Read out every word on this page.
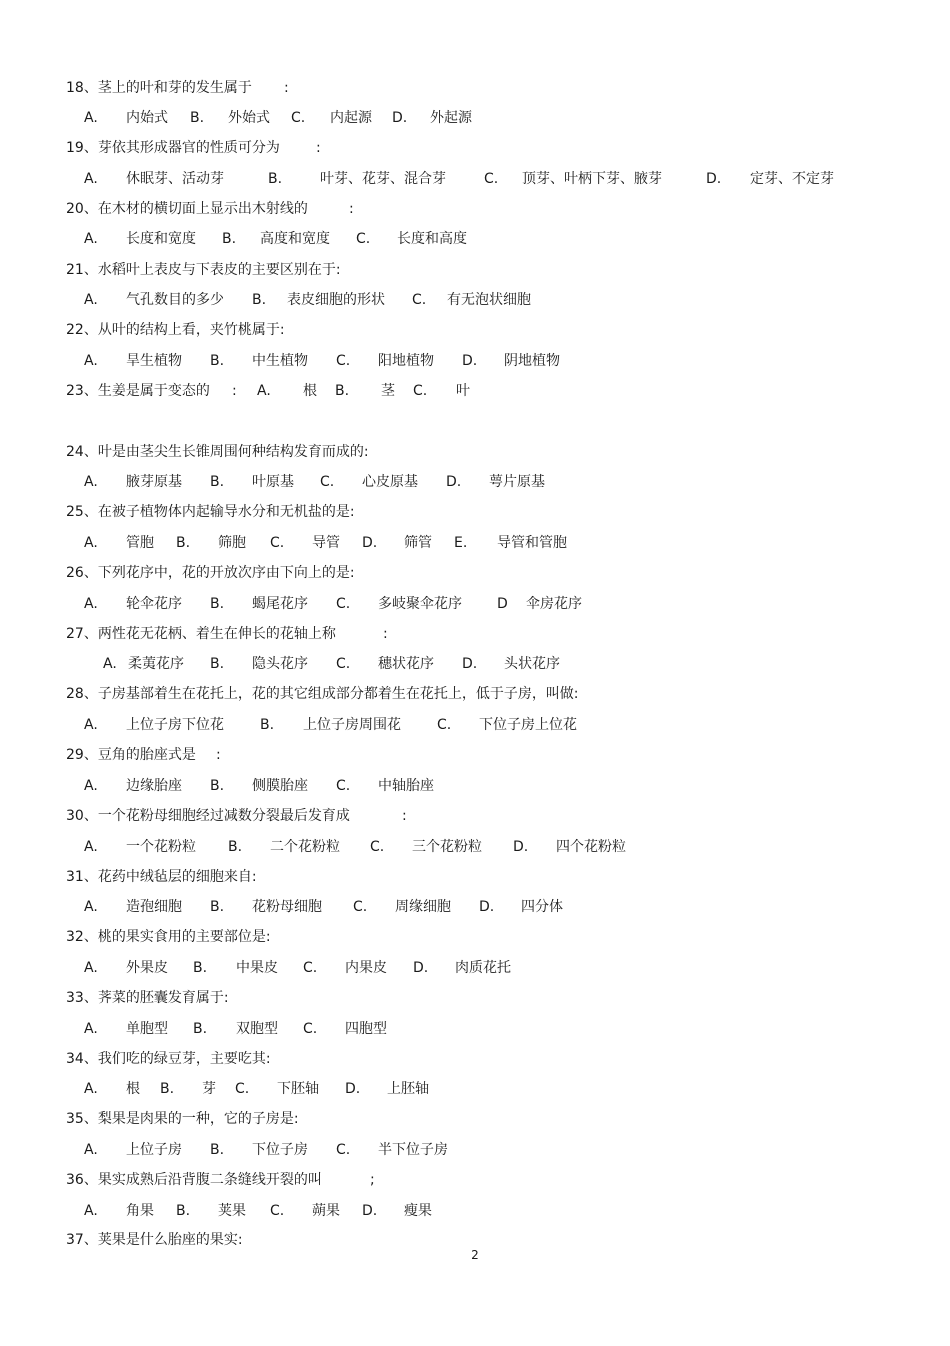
18、茎上的叶和芽的发生属于 :
A. 内始式 B. 外始式 C. 内起源 D. 外起源
19、芽依其形成器官的性质可分为	:
A. 休眠芽、活动芽	B.	叶芽、花芽、混合芽	C. 顶芽、叶柄下芽、腋芽	D. 定芽、不定芽
20、在木材的横切面上显示出木射线的	:
A. 长度和宽度 B. 高度和宽度 C. 长度和高度
21、水稻叶上表皮与下表皮的主要区别在于:
A. 气孔数目的多少 B. 表皮细胞的形状 C. 有无泡状细胞
22、从叶的结构上看，夹竹桃属于:
A. 旱生植物 B. 中生植物 C. 阳地植物 D. 阴地植物
23、生姜是属于变态的 : A. 根 B. 茎 C. 叶
24、叶是由茎尖生长锥周围何种结构发育而成的:
A. 腋芽原基 B. 叶原基 C. 心皮原基 D. 萼片原基
25、在被子植物体内起输导水分和无机盐的是:
A. 管胞 B. 筛胞 C. 导管 D. 筛管 E. 导管和管胞
26、下列花序中，花的开放次序由下向上的是:
A. 轮伞花序 B. 蝎尾花序 C. 多岐聚伞花序	D 伞房花序
27、两性花无花柄、着生在伸长的花轴上称	:
A. 柔荑花序 B. 隐头花序 C. 穗状花序 D. 头状花序
28、子房基部着生在花托上，花的其它组成部分都着生在花托上，低于子房，叫做:
A. 上位子房下位花	B. 上位子房周围花	C. 下位子房上位花
29、豆角的胎座式是 :
A. 边缘胎座 B. 侧膜胎座 C. 中轴胎座
30、一个花粉母细胞经过减数分裂最后发育成	:
A. 一个花粉粒 B. 二个花粉粒 C. 三个花粉粒 D. 四个花粉粒
31、花药中绒毡层的细胞来自:
A. 造孢细胞 B. 花粉母细胞 C. 周缘细胞 D. 四分体
32、桃的果实食用的主要部位是:
A. 外果皮 B. 中果皮 C. 内果皮 D. 肉质花托
33、荠菜的胚囊发育属于:
A. 单胞型 B. 双胞型 C. 四胞型
34、我们吃的绿豆芽，主要吃其:
A. 根 B. 芽 C. 下胚轴 D. 上胚轴
35、梨果是肉果的一种，它的子房是:
A. 上位子房 B. 下位子房 C. 半下位子房
36、果实成熟后沿背腹二条缝线开裂的叫	;
A. 角果 B. 荚果 C. 蒴果 D. 瘦果
37、荚果是什么胎座的果实:
2
